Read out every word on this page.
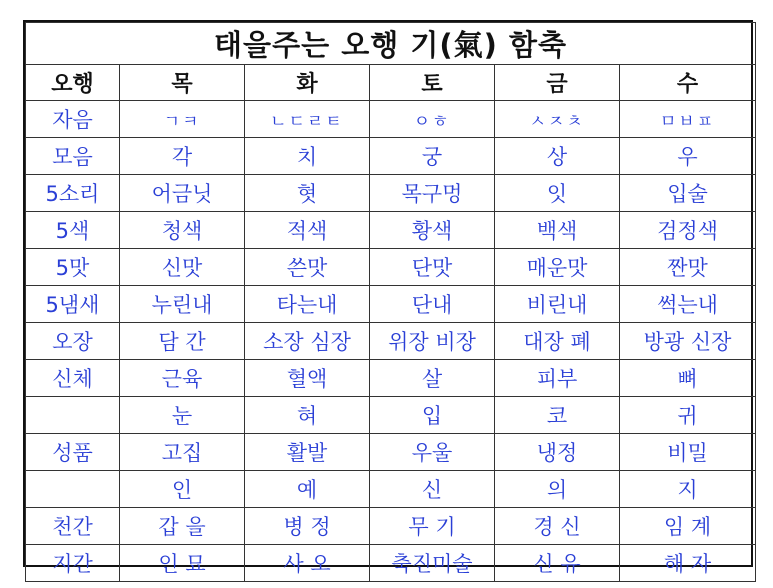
태을주는 오행 기(氣) 함축					
오행	목	화	토	금	수
자음	ㄱㅋ	ㄴㄷㄹㅌ	ㅇㅎ	ㅅㅈㅊ	ㅁㅂㅍ
모음	각	치	궁	상	우
5소리	어금닛	혓	목구멍	잇	입술
5색	청색	적색	황색	백색	검정색
5맛	신맛	쓴맛	단맛	매운맛	짠맛
5냄새	누린내	타는내	단내	비린내	썩는내
오장	담 간	소장 심장	위장 비장	대장 폐	방광 신장
신체	근육	혈액	살	피부	뼈
	눈	혀	입	코	귀
성품	고집	활발	우울	냉정	비밀
	인	예	신	의	지
천간	갑 을	병 정	무 기	경 신	임 계
지간	인 묘	사 오	축진미술	신 유	해 자
